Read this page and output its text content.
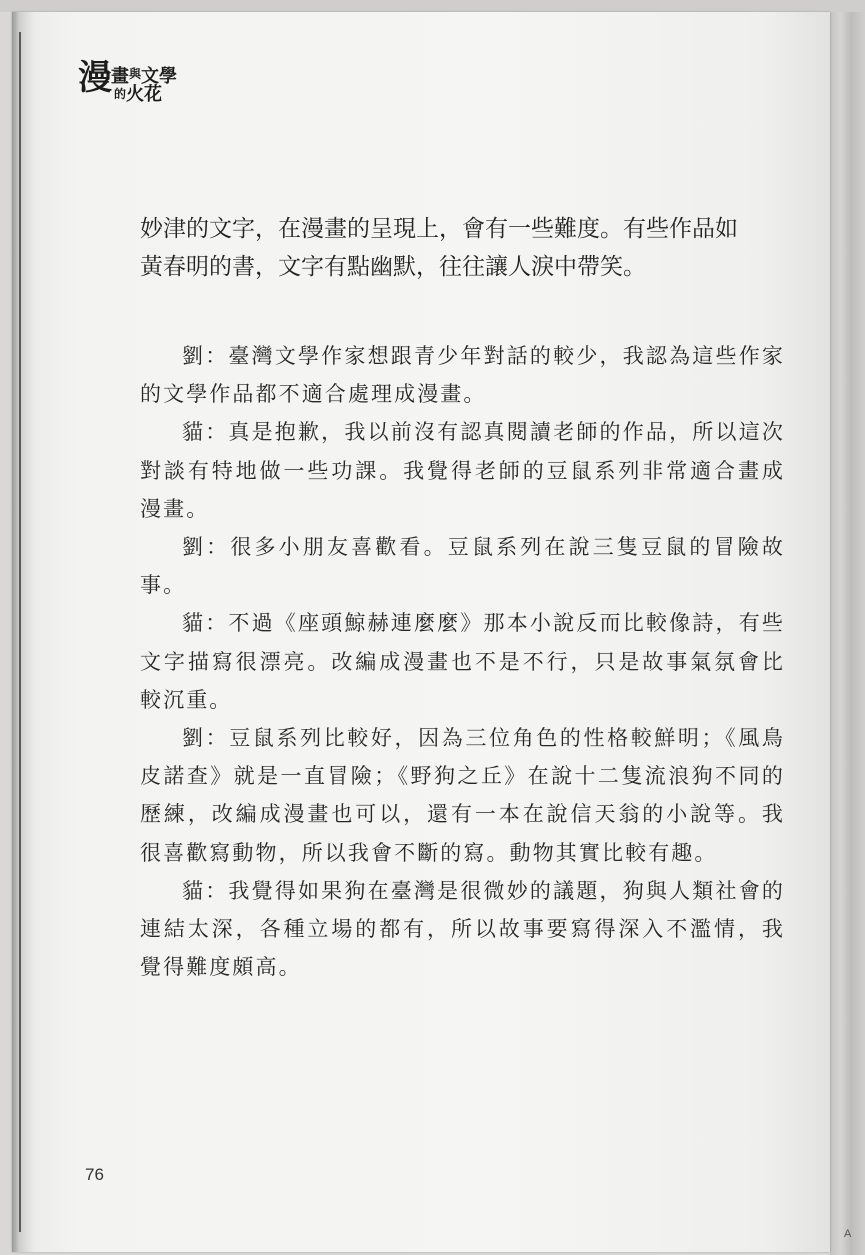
漫 畫$^與$文學
的火花

妙津的文字，在漫畫的呈現上，會有一些難度。有些作品如

黃春明的書，文字有點幽默，往往讓人淚中帶笑。

劉：臺灣文學作家想跟青少年對話的較少，我認為這些作家的文學作品都不適合處理成漫畫。

貓：真是抱歉，我以前沒有認真閱讀老師的作品，所以這次對談有特地做一些功課。我覺得老師的豆鼠系列非常適合畫成漫畫。

劉：很多小朋友喜歡看。豆鼠系列在說三隻豆鼠的冒險故事。

貓：不過《座頭鯨赫連麼麼》那本小說反而比較像詩，有些文字描寫很漂亮。改編成漫畫也不是不行，只是故事氣氛會比較沉重。

劉：豆鼠系列比較好，因為三位角色的性格較鮮明；《風鳥皮諾查》就是一直冒險；《野狗之丘》在說十二隻流浪狗不同的歷練，改編成漫畫也可以，還有一本在說信天翁的小說等。我很喜歡寫動物，所以我會不斷的寫。動物其實比較有趣。

貓：我覺得如果狗在臺灣是很微妙的議題，狗與人類社會的連結太深，各種立場的都有，所以故事要寫得深入不濫情，我覺得難度頗高。

76
A
